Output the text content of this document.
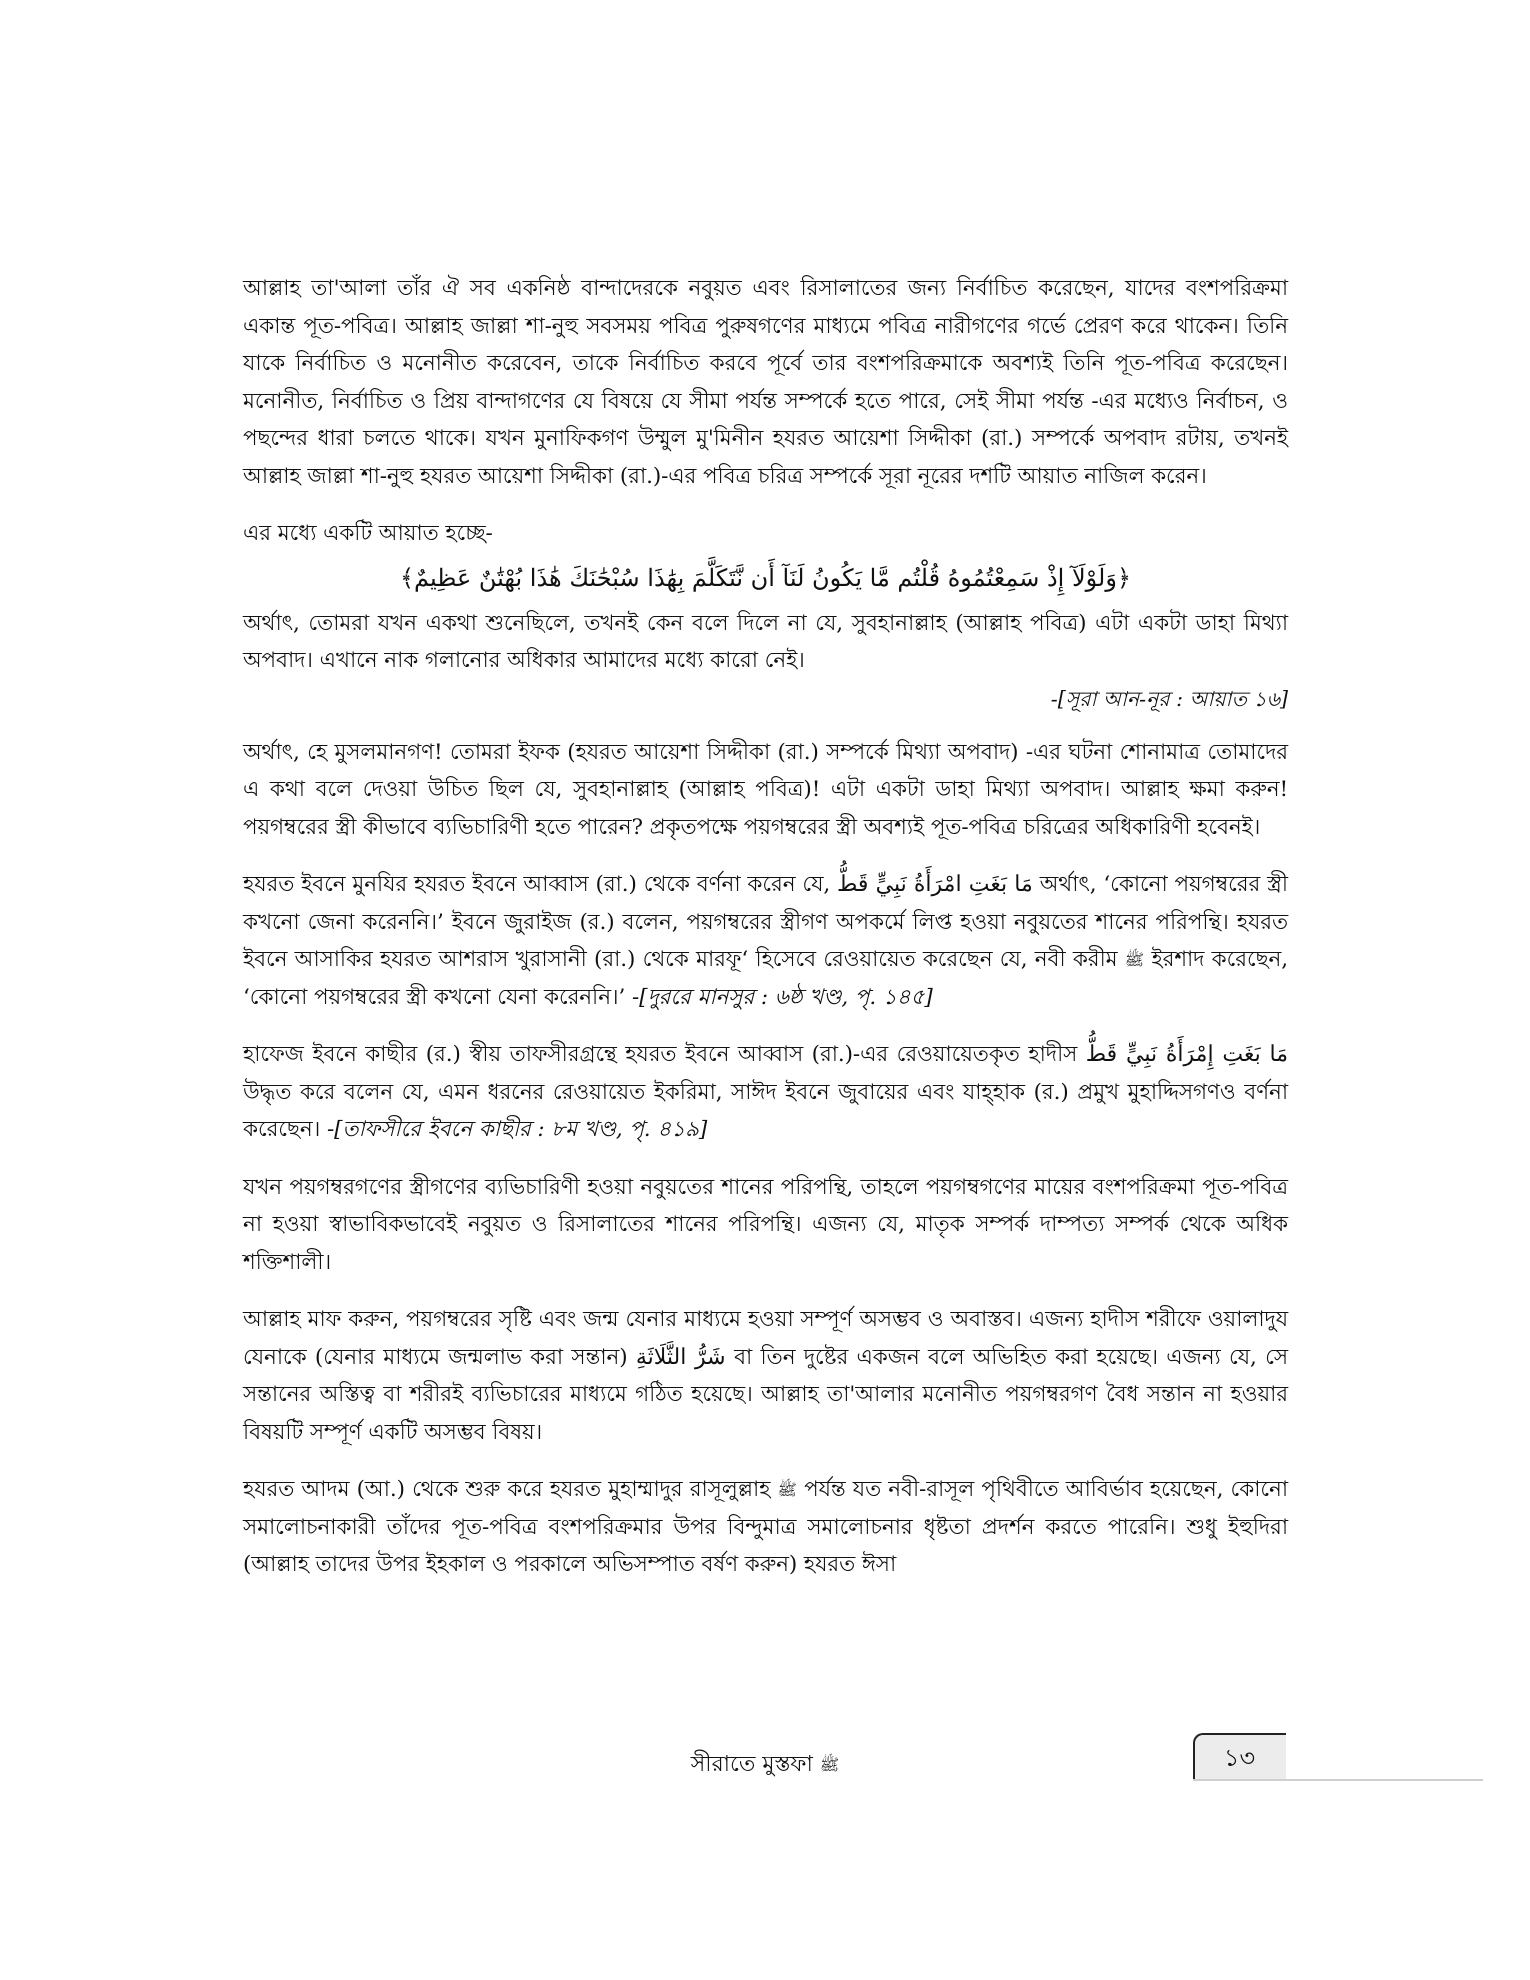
আল্লাহ তা'আলা তাঁর ঐ সব একনিষ্ঠ বান্দাদেরকে নবুয়ত এবং রিসালাতের জন্য নির্বাচিত করেছেন, যাদের বংশপরিক্রমা একান্ত পূত-পবিত্র। আল্লাহ জাল্লা শা-নুহু সবসময় পবিত্র পুরুষগণের মাধ্যমে পবিত্র নারীগণের গর্ভে প্রেরণ করে থাকেন। তিনি যাকে নির্বাচিত ও মনোনীত করেবেন, তাকে নির্বাচিত করবে পূর্বে তার বংশপরিক্রমাকে অবশ্যই তিনি পূত-পবিত্র করেছেন। মনোনীত, নির্বাচিত ও প্রিয় বান্দাগণের যে বিষয়ে যে সীমা পর্যন্ত সম্পর্কে হতে পারে, সেই সীমা পর্যন্ত -এর মধ্যেও নির্বাচন, ও পছন্দের ধারা চলতে থাকে। যখন মুনাফিকগণ উম্মুল মু'মিনীন হযরত আয়েশা সিদ্দীকা (রা.) সম্পর্কে অপবাদ রটায়, তখনই আল্লাহ জাল্লা শা-নুহু হযরত আয়েশা সিদ্দীকা (রা.)-এর পবিত্র চরিত্র সম্পর্কে সূরা নূরের দশটি আয়াত নাজিল করেন।

এর মধ্যে একটি আয়াত হচ্ছে-

﴿وَلَوْلَآ إِذْ سَمِعْتُمُوهُ قُلْتُم مَّا يَكُونُ لَنَآ أَن نَّتَكَلَّمَ بِهَٰذَا سُبْحَٰنَكَ هَٰذَا بُهْتَٰنٌ عَظِيمٌ﴾

অর্থাৎ, তোমরা যখন একথা শুনেছিলে, তখনই কেন বলে দিলে না যে, সুবহানাল্লাহ (আল্লাহ পবিত্র) এটা একটা ডাহা মিথ্যা অপবাদ। এখানে নাক গলানোর অধিকার আমাদের মধ্যে কারো নেই।

-[সূরা আন-নূর : আয়াত ১৬]

অর্থাৎ, হে মুসলমানগণ! তোমরা ইফক (হযরত আয়েশা সিদ্দীকা (রা.) সম্পর্কে মিথ্যা অপবাদ) -এর ঘটনা শোনামাত্র তোমাদের এ কথা বলে দেওয়া উচিত ছিল যে, সুবহানাল্লাহ (আল্লাহ পবিত্র)! এটা একটা ডাহা মিথ্যা অপবাদ। আল্লাহ ক্ষমা করুন! পয়গম্বরের স্ত্রী কীভাবে ব্যভিচারিণী হতে পারেন? প্রকৃতপক্ষে পয়গম্বরের স্ত্রী অবশ্যই পূত-পবিত্র চরিত্রের অধিকারিণী হবেনই।

হযরত ইবনে মুনযির হযরত ইবনে আব্বাস (রা.) থেকে বর্ণনা করেন যে, مَا بَغَتِ امْرَأَةُ نَبِيٍّ قَطُّ অর্থাৎ, ‘কোনো পয়গম্বরের স্ত্রী কখনো জেনা করেননি।’ ইবনে জুরাইজ (র.) বলেন, পয়গম্বরের স্ত্রীগণ অপকর্মে লিপ্ত হওয়া নবুয়তের শানের পরিপন্থি। হযরত ইবনে আসাকির হযরত আশরাস খুরাসানী (রা.) থেকে মারফূ‘ হিসেবে রেওয়ায়েত করেছেন যে, নবী করীম ﷺ ইরশাদ করেছেন, ‘কোনো পয়গম্বরের স্ত্রী কখনো যেনা করেননি।’ -[দুররে মানসুর : ৬ষ্ঠ খণ্ড, পৃ. ১৪৫]

হাফেজ ইবনে কাছীর (র.) স্বীয় তাফসীরগ্রন্থে হযরত ইবনে আব্বাস (রা.)-এর রেওয়ায়েতকৃত হাদীস مَا بَغَتِ إِمْرَأَةُ نَبِيٍّ قَطُّ উদ্ধৃত করে বলেন যে, এমন ধরনের রেওয়ায়েত ইকরিমা, সাঈদ ইবনে জুবায়ের এবং যাহ্হাক (র.) প্রমুখ মুহাদ্দিসগণও বর্ণনা করেছেন। -[তাফসীরে ইবনে কাছীর : ৮ম খণ্ড, পৃ. ৪১৯]

যখন পয়গম্বরগণের স্ত্রীগণের ব্যভিচারিণী হওয়া নবুয়তের শানের পরিপন্থি, তাহলে পয়গম্বগণের মায়ের বংশপরিক্রমা পূত-পবিত্র না হওয়া স্বাভাবিকভাবেই নবুয়ত ও রিসালাতের শানের পরিপন্থি। এজন্য যে, মাতৃক সম্পর্ক দাম্পত্য সম্পর্ক থেকে অধিক শক্তিশালী।

আল্লাহ মাফ করুন, পয়গম্বরের সৃষ্টি এবং জন্ম যেনার মাধ্যমে হওয়া সম্পূর্ণ অসম্ভব ও অবাস্তব। এজন্য হাদীস শরীফে ওয়ালাদুয যেনাকে (যেনার মাধ্যমে জন্মলাভ করা সন্তান) شَرُّ الثَّلَاثَةِ বা তিন দুষ্টের একজন বলে অভিহিত করা হয়েছে। এজন্য যে, সে সন্তানের অস্তিত্ব বা শরীরই ব্যভিচারের মাধ্যমে গঠিত হয়েছে। আল্লাহ তা'আলার মনোনীত পয়গম্বরগণ বৈধ সন্তান না হওয়ার বিষয়টি সম্পূর্ণ একটি অসম্ভব বিষয়।

হযরত আদম (আ.) থেকে শুরু করে হযরত মুহাম্মাদুর রাসূলুল্লাহ ﷺ পর্যন্ত যত নবী-রাসূল পৃথিবীতে আবির্ভাব হয়েছেন, কোনো সমালোচনাকারী তাঁদের পূত-পবিত্র বংশপরিক্রমার উপর বিন্দুমাত্র সমালোচনার ধৃষ্টতা প্রদর্শন করতে পারেনি। শুধু ইহুদিরা (আল্লাহ তাদের উপর ইহকাল ও পরকালে অভিসম্পাত বর্ষণ করুন) হযরত ঈসা

সীরাতে মুস্তফা ﷺ	১৩
